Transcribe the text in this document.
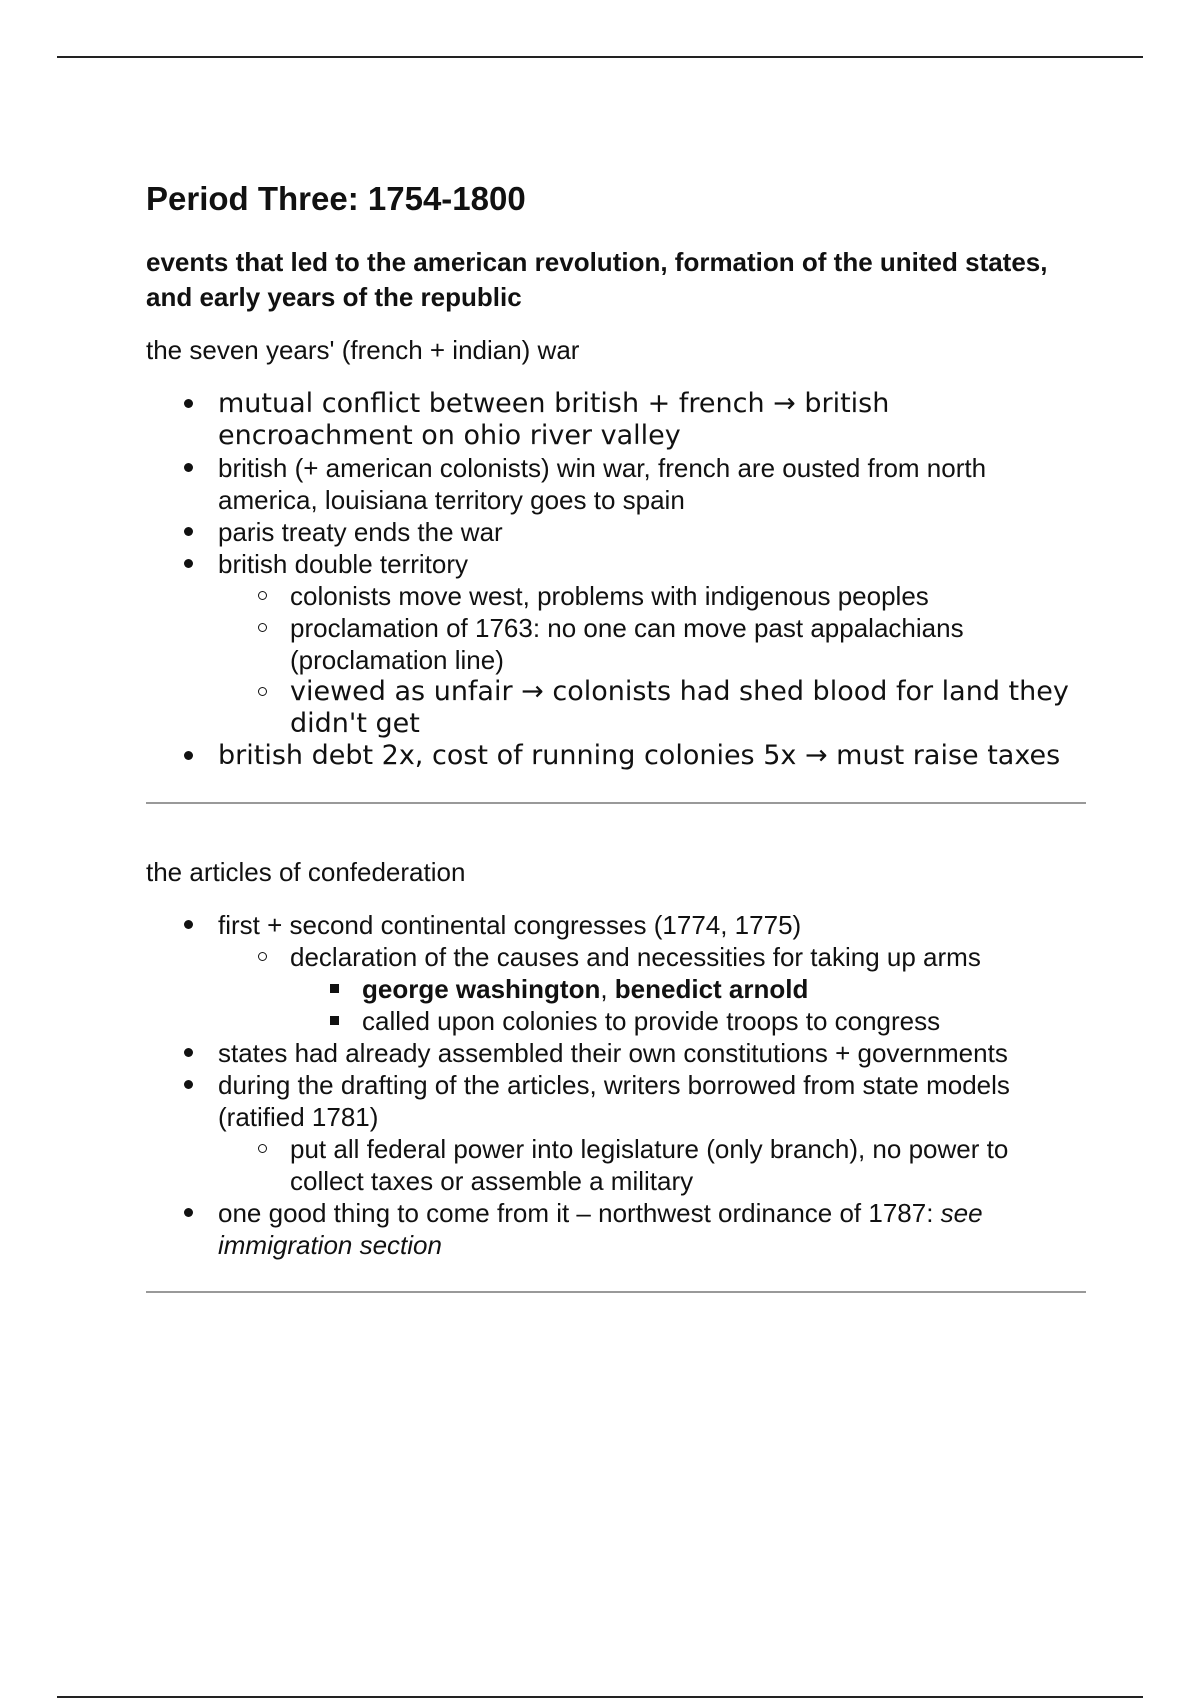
Period Three: 1754-1800

events that led to the american revolution, formation of the united states, and early years of the republic

the seven years' (french + indian) war

mutual conflict between british + french → british encroachment on ohio river valley
british (+ american colonists) win war, french are ousted from north america, louisiana territory goes to spain
paris treaty ends the war
british double territory
colonists move west, problems with indigenous peoples
proclamation of 1763: no one can move past appalachians (proclamation line)
viewed as unfair → colonists had shed blood for land they didn't get
british debt 2x, cost of running colonies 5x → must raise taxes

the articles of confederation

first + second continental congresses (1774, 1775)
declaration of the causes and necessities for taking up arms
george washington, benedict arnold
called upon colonies to provide troops to congress
states had already assembled their own constitutions + governments
during the drafting of the articles, writers borrowed from state models (ratified 1781)
put all federal power into legislature (only branch), no power to collect taxes or assemble a military
one good thing to come from it – northwest ordinance of 1787: see immigration section
